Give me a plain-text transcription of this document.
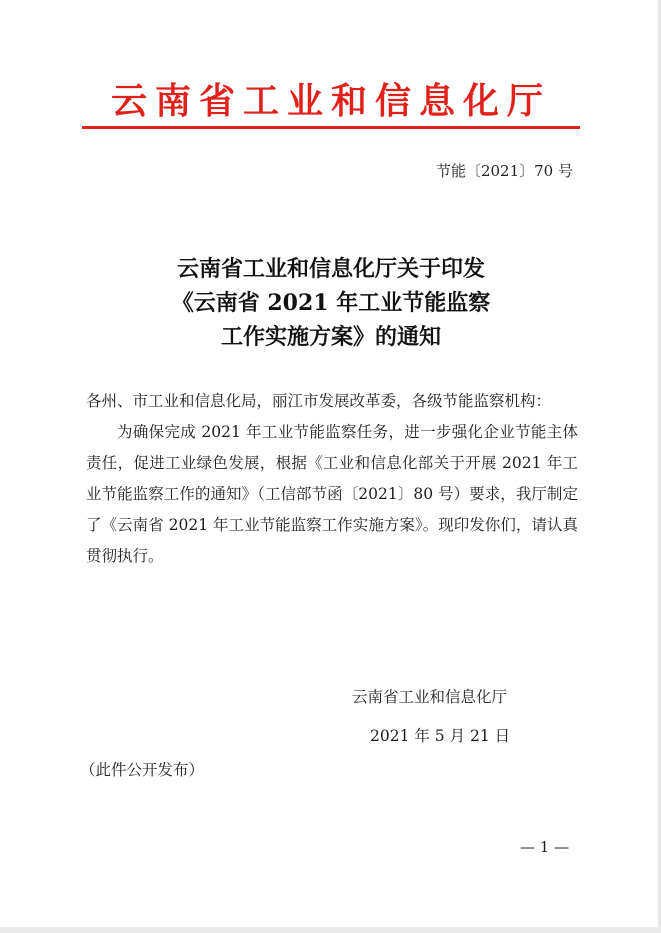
云南省工业和信息化厅
节能〔2021〕70 号
云南省工业和信息化厅关于印发
《云南省 2021 年工业节能监察
工作实施方案》的通知

各州、市工业和信息化局，丽江市发展改革委，各级节能监察机构：

为确保完成 2021 年工业节能监察任务，进一步强化企业节能主体责任，促进工业绿色发展，根据《工业和信息化部关于开展 2021 年工业节能监察工作的通知》（工信部节函〔2021〕80 号）要求，我厅制定了《云南省 2021 年工业节能监察工作实施方案》。现印发你们，请认真贯彻执行。

云南省工业和信息化厅
2021 年 5 月 21 日
（此件公开发布）
— 1 —
